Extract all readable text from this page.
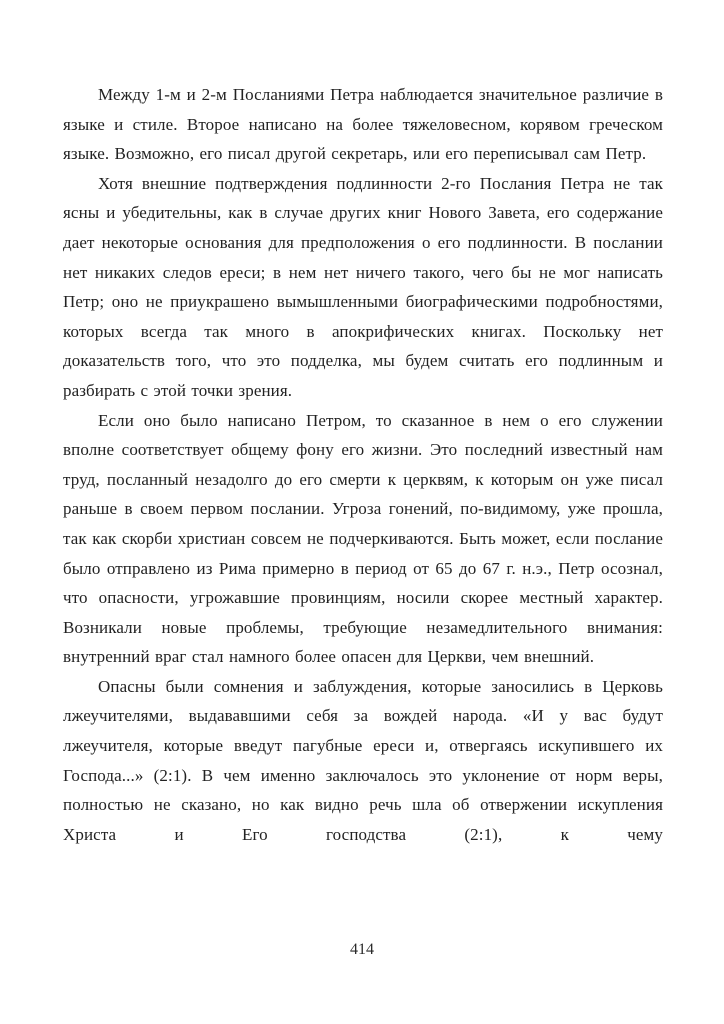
Между 1-м и 2-м Посланиями Петра наблюдается значительное различие в языке и стиле. Второе написано на более тяжеловесном, корявом греческом языке. Возможно, его писал другой секретарь, или его переписывал сам Петр.

Хотя внешние подтверждения подлинности 2-го Послания Петра не так ясны и убедительны, как в случае других книг Нового Завета, его содержание дает некоторые основания для предположения о его подлинности. В послании нет никаких следов ереси; в нем нет ничего такого, чего бы не мог написать Петр; оно не приукрашено вымышленными биографическими подробностями, которых всегда так много в апокрифических книгах. Поскольку нет доказательств того, что это подделка, мы будем считать его подлинным и разбирать с этой точки зрения.

Если оно было написано Петром, то сказанное в нем о его служении вполне соответствует общему фону его жизни. Это последний известный нам труд, посланный незадолго до его смерти к церквям, к которым он уже писал раньше в своем первом послании. Угроза гонений, по-видимому, уже прошла, так как скорби христиан совсем не подчеркиваются. Быть может, если послание было отправлено из Рима примерно в период от 65 до 67 г. н.э., Петр осознал, что опасности, угрожавшие провинциям, носили скорее местный характер. Возникали новые проблемы, требующие незамедлительного внимания: внутренний враг стал намного более опасен для Церкви, чем внешний.

Опасны были сомнения и заблуждения, которые заносились в Церковь лжеучителями, выдававшими себя за вождей народа. «И у вас будут лжеучителя, которые введут пагубные ереси и, отвергаясь искупившего их Господа...» (2:1). В чем именно заключалось это уклонение от норм веры, полностью не сказано, но как видно речь шла об отвержении искупления Христа и Его господства (2:1), к чему

414
